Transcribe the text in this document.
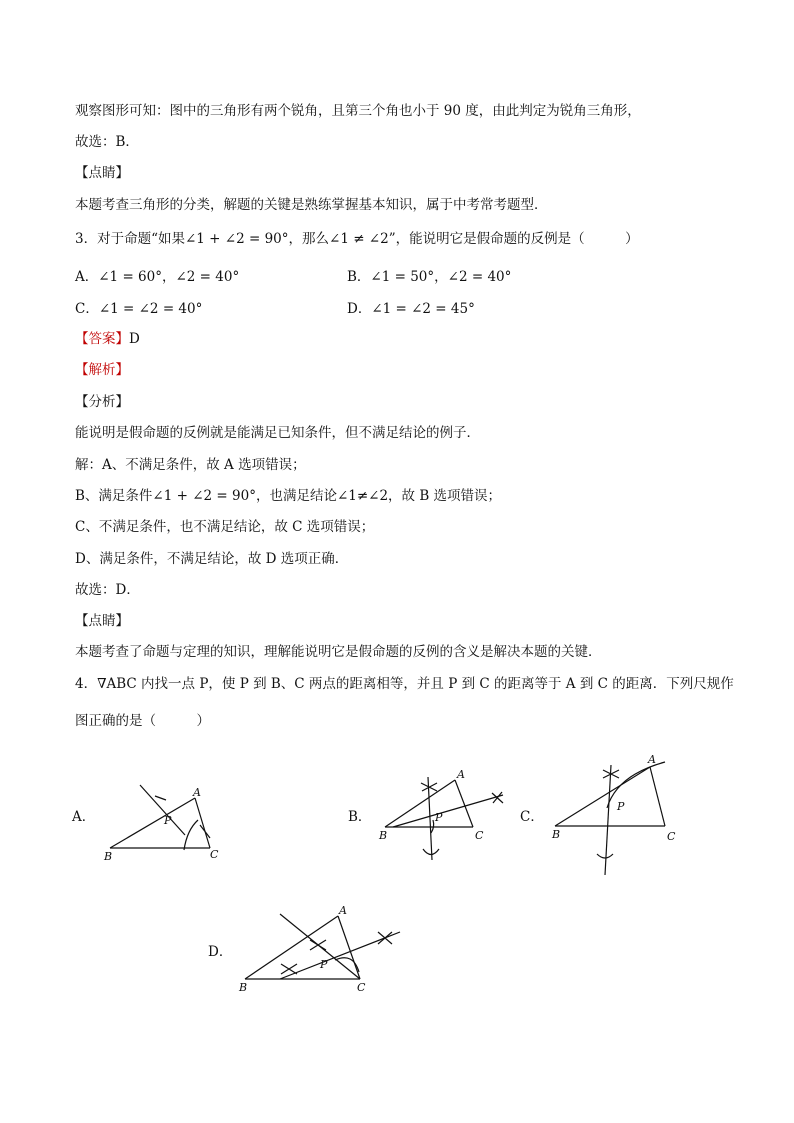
观察图形可知：图中的三角形有两个锐角，且第三个角也小于 90 度，由此判定为锐角三角形，
故选：B．
【点睛】
本题考查三角形的分类，解题的关键是熟练掌握基本知识，属于中考常考题型．
3．对于命题“如果∠1 + ∠2 = 90°，那么∠1 ≠ ∠2”，能说明它是假命题的反例是（　　　）
A．∠1 = 60°，∠2 = 40°	B．∠1 = 50°，∠2 = 40°
C．∠1 = ∠2 = 40°	D．∠1 = ∠2 = 45°
【答案】D
【解析】
【分析】
能说明是假命题的反例就是能满足已知条件，但不满足结论的例子．
解：A、不满足条件，故 A 选项错误；
B、满足条件∠1 + ∠2 = 90°，也满足结论∠1≠∠2，故 B 选项错误；
C、不满足条件，也不满足结论，故 C 选项错误；
D、满足条件，不满足结论，故 D 选项正确．
故选：D．
【点睛】
本题考查了命题与定理的知识，理解能说明它是假命题的反例的含义是解决本题的关键．
4．∇ABC 内找一点 P，使 P 到 B、C 两点的距离相等，并且 P 到 C 的距离等于 A 到 C 的距离．下列尺规作
图正确的是（　　　）
A．
A
B	C
P	B．
A
B	C
P	C．
A
B	C
P
D．
A
B	C
P
